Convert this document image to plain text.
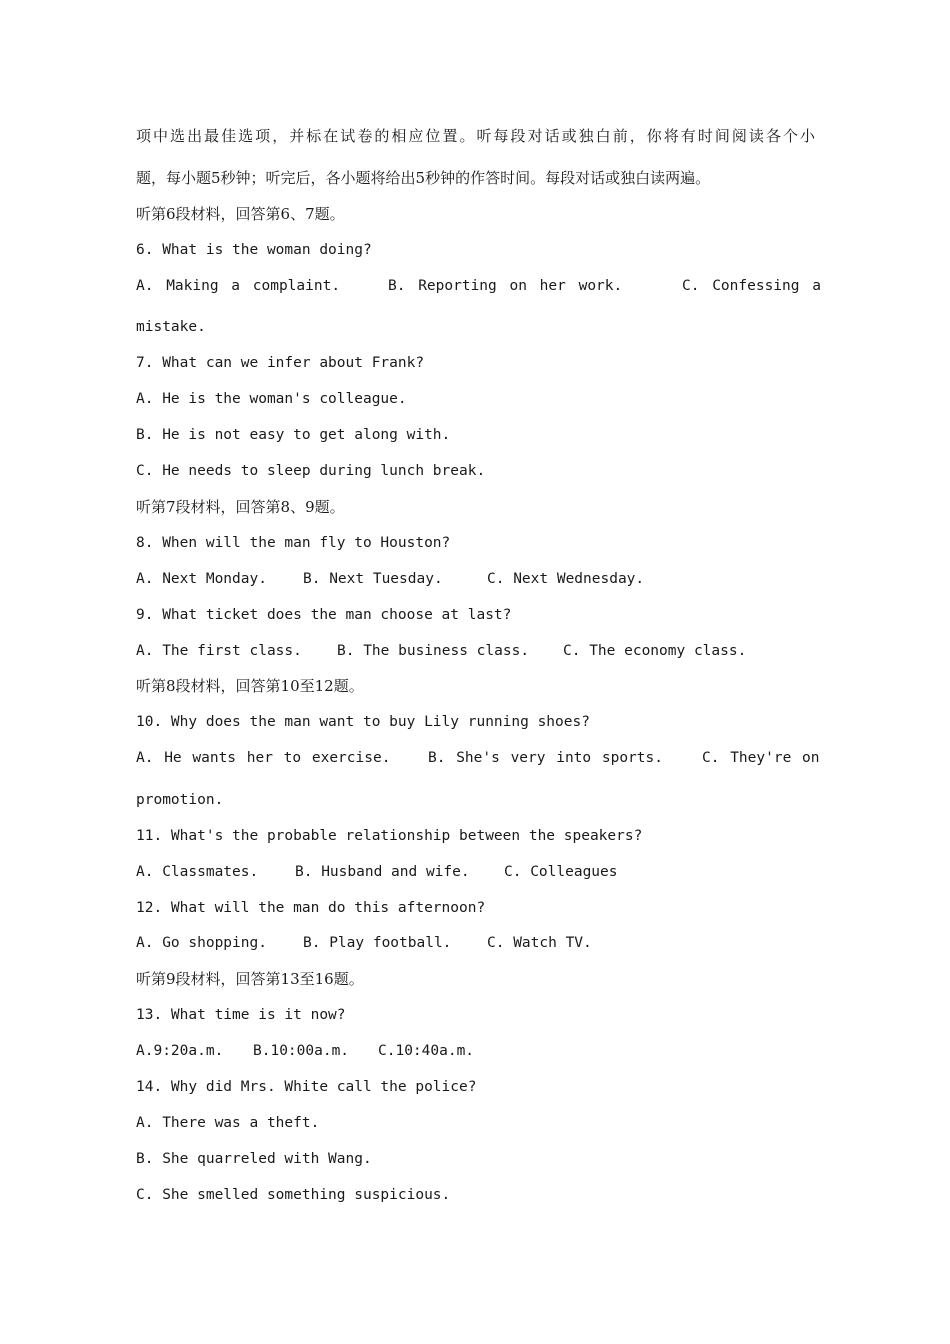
项中选出最佳选项，并标在试卷的相应位置。听每段对话或独白前，你将有时间阅读各个小
题，每小题5秒钟；听完后，各小题将给出5秒钟的作答时间。每段对话或独白读两遍。
听第6段材料，回答第6、7题。
6. What is the woman doing?
A. Making a complaint.	B. Reporting on her work.	C. Confessing a
mistake.
7. What can we infer about Frank?
A. He is the woman's colleague.
B. He is not easy to get along with.
C. He needs to sleep during lunch break.
听第7段材料，回答第8、9题。
8. When will the man fly to Houston?
A. Next Monday. B. Next Tuesday.	C. Next Wednesday.
9. What ticket does the man choose at last?
A. The first class. B. The business class. C. The economy class.
听第8段材料，回答第10至12题。
10. Why does the man want to buy Lily running shoes?
A. He wants her to exercise.	B. She's very into sports.	C. They're on
promotion.
11. What's the probable relationship between the speakers?
A. Classmates.	B. Husband and wife. C. Colleagues
12. What will the man do this afternoon?
A. Go shopping. B. Play football. C. Watch TV.
听第9段材料，回答第13至16题。
13. What time is it now?
A.9:20a.m. B.10:00a.m. C.10:40a.m.
14. Why did Mrs. White call the police?
A. There was a theft.
B. She quarreled with Wang.
C. She smelled something suspicious.
